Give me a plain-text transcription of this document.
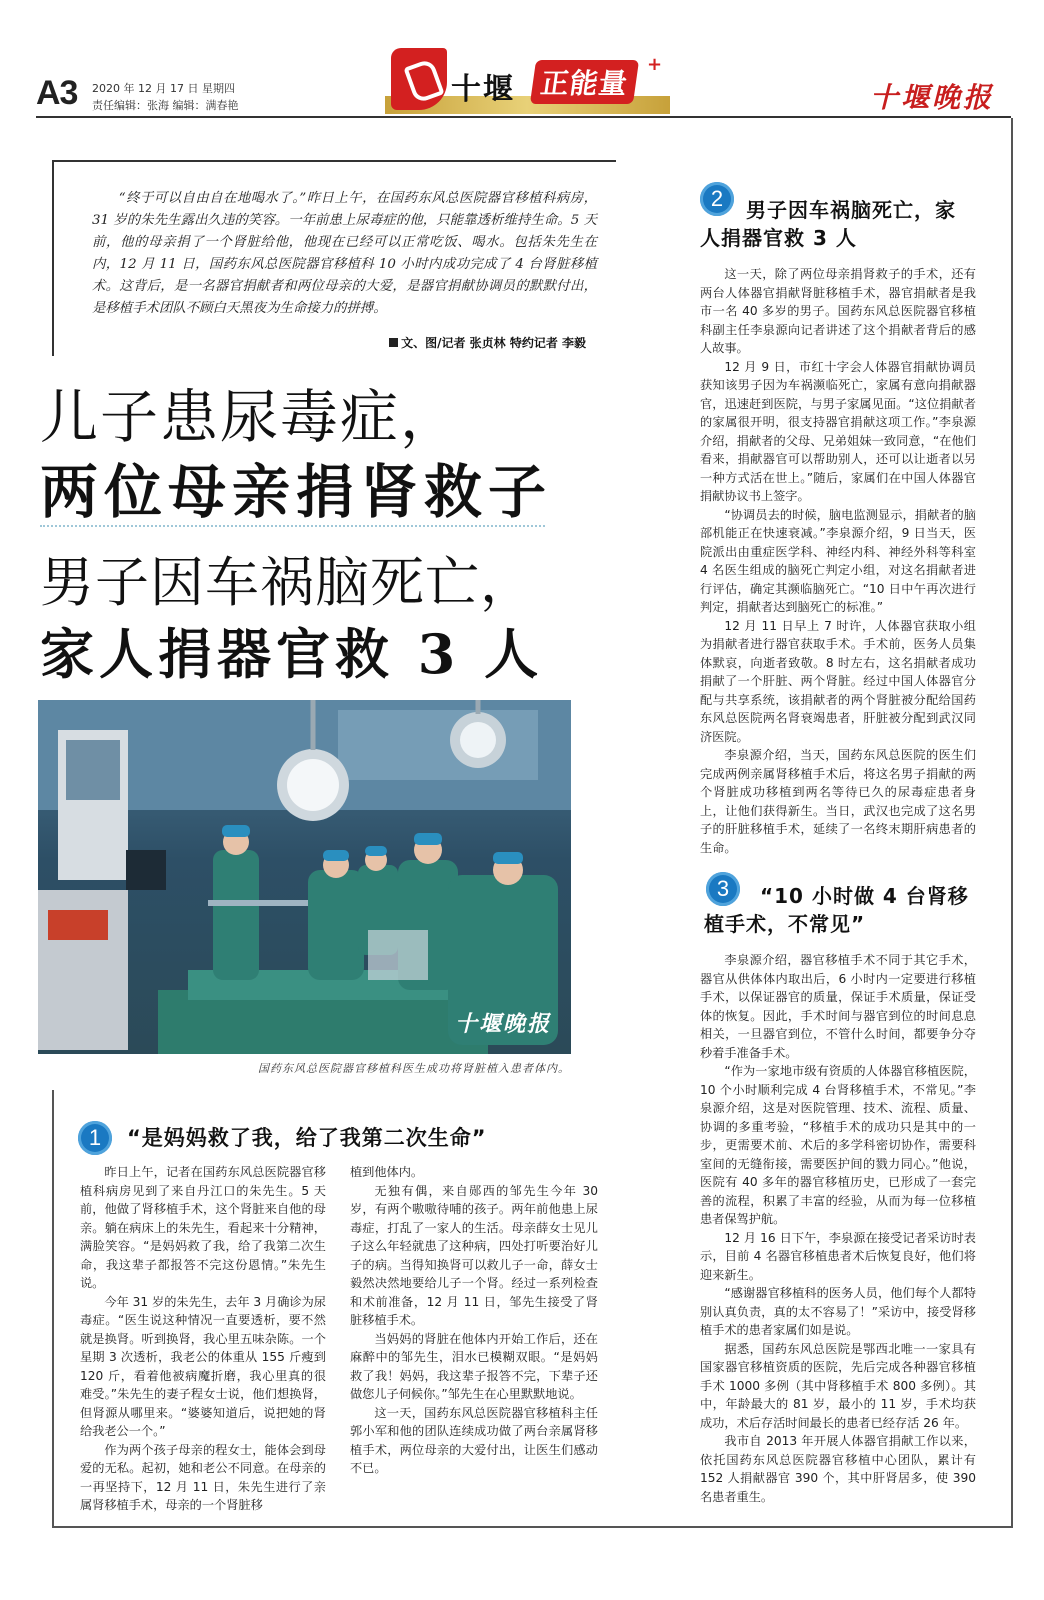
A3 2020 年 12 月 17 日 星期四
责任编辑：张海 编辑：满春艳	十堰 正能量
+
十堰晚报
“终于可以自由自在地喝水了。”昨日上午，在国药东风总医院器官移植科病房，31 岁的朱先生露出久违的笑容。一年前患上尿毒症的他，只能靠透析维持生命。5 天前，他的母亲捐了一个肾脏给他，他现在已经可以正常吃饭、喝水。包括朱先生在内，12 月 11 日，国药东风总医院器官移植科 10 小时内成功完成了 4 台肾脏移植术。这背后，是一名器官捐献者和两位母亲的大爱，是器官捐献协调员的默默付出，是移植手术团队不顾白天黑夜为生命接力的拼搏。
文、图/记者 张贞林 特约记者 李毅
儿子患尿毒症，
两位母亲捐肾救子
男子因车祸脑死亡，
家人捐器官救 3 人
十堰晚报
国药东风总医院器官移植科医生成功将肾脏植入患者体内。
1	“是妈妈救了我，给了我第二次生命”

昨日上午，记者在国药东风总医院器官移植科病房见到了来自丹江口的朱先生。5 天前，他做了肾移植手术，这个肾脏来自他的母亲。躺在病床上的朱先生，看起来十分精神，满脸笑容。“是妈妈救了我，给了我第二次生命，我这辈子都报答不完这份恩情。”朱先生说。

今年 31 岁的朱先生，去年 3 月确诊为尿毒症。“医生说这种情况一直要透析，要不然就是换肾。听到换肾，我心里五味杂陈。一个星期 3 次透析，我老公的体重从 155 斤瘦到 120 斤，看着他被病魔折磨，我心里真的很难受。”朱先生的妻子程女士说，他们想换肾，但肾源从哪里来。“婆婆知道后，说把她的肾给我老公一个。”

作为两个孩子母亲的程女士，能体会到母爱的无私。起初，她和老公不同意。在母亲的一再坚持下，12 月 11 日，朱先生进行了亲属肾移植手术，母亲的一个肾脏移

植到他体内。

无独有偶，来自郧西的邹先生今年 30 岁，有两个嗷嗷待哺的孩子。两年前他患上尿毒症，打乱了一家人的生活。母亲薛女士见儿子这么年轻就患了这种病，四处打听要治好儿子的病。当得知换肾可以救儿子一命，薛女士毅然决然地要给儿子一个肾。经过一系列检查和术前准备，12 月 11 日，邹先生接受了肾脏移植手术。

当妈妈的肾脏在他体内开始工作后，还在麻醉中的邹先生，泪水已模糊双眼。“是妈妈救了我！妈妈，我这辈子报答不完，下辈子还做您儿子伺候你。”邹先生在心里默默地说。

这一天，国药东风总医院器官移植科主任郭小军和他的团队连续成功做了两台亲属肾移植手术，两位母亲的大爱付出，让医生们感动不已。

2	男子因车祸脑死亡，家
人捐器官救 3 人

这一天，除了两位母亲捐肾救子的手术，还有两台人体器官捐献肾脏移植手术，器官捐献者是我市一名 40 多岁的男子。国药东风总医院器官移植科副主任李泉源向记者讲述了这个捐献者背后的感人故事。

12 月 9 日，市红十字会人体器官捐献协调员获知该男子因为车祸濒临死亡，家属有意向捐献器官，迅速赶到医院，与男子家属见面。“这位捐献者的家属很开明，很支持器官捐献这项工作。”李泉源介绍，捐献者的父母、兄弟姐妹一致同意，“在他们看来，捐献器官可以帮助别人，还可以让逝者以另一种方式活在世上。”随后，家属们在中国人体器官捐献协议书上签字。

“协调员去的时候，脑电监测显示，捐献者的脑部机能正在快速衰减。”李泉源介绍，9 日当天，医院派出由重症医学科、神经内科、神经外科等科室 4 名医生组成的脑死亡判定小组，对这名捐献者进行评估，确定其濒临脑死亡。“10 日中午再次进行判定，捐献者达到脑死亡的标准。”

12 月 11 日早上 7 时许，人体器官获取小组为捐献者进行器官获取手术。手术前，医务人员集体默哀，向逝者致敬。8 时左右，这名捐献者成功捐献了一个肝脏、两个肾脏。经过中国人体器官分配与共享系统，该捐献者的两个肾脏被分配给国药东风总医院两名肾衰竭患者，肝脏被分配到武汉同济医院。

李泉源介绍，当天，国药东风总医院的医生们完成两例亲属肾移植手术后，将这名男子捐献的两个肾脏成功移植到两名等待已久的尿毒症患者身上，让他们获得新生。当日，武汉也完成了这名男子的肝脏移植手术，延续了一名终末期肝病患者的生命。

3	“10 小时做 4 台肾移
植手术，不常见”

李泉源介绍，器官移植手术不同于其它手术，器官从供体体内取出后，6 小时内一定要进行移植手术，以保证器官的质量，保证手术质量，保证受体的恢复。因此，手术时间与器官到位的时间息息相关，一旦器官到位，不管什么时间，都要争分夺秒着手准备手术。

“作为一家地市级有资质的人体器官移植医院，10 个小时顺利完成 4 台肾移植手术，不常见。”李泉源介绍，这是对医院管理、技术、流程、质量、协调的多重考验，“移植手术的成功只是其中的一步，更需要术前、术后的多学科密切协作，需要科室间的无缝衔接，需要医护间的戮力同心。”他说，医院有 40 多年的器官移植历史，已形成了一套完善的流程，积累了丰富的经验，从而为每一位移植患者保驾护航。

12 月 16 日下午，李泉源在接受记者采访时表示，目前 4 名器官移植患者术后恢复良好，他们将迎来新生。

“感谢器官移植科的医务人员，他们每个人都特别认真负责，真的太不容易了！”采访中，接受肾移植手术的患者家属们如是说。

据悉，国药东风总医院是鄂西北唯一一家具有国家器官移植资质的医院，先后完成各种器官移植手术 1000 多例（其中肾移植手术 800 多例）。其中，年龄最大的 81 岁，最小的 11 岁，手术均获成功，术后存活时间最长的患者已经存活 26 年。

我市自 2013 年开展人体器官捐献工作以来，依托国药东风总医院器官移植中心团队，累计有 152 人捐献器官 390 个，其中肝肾居多，使 390 名患者重生。
